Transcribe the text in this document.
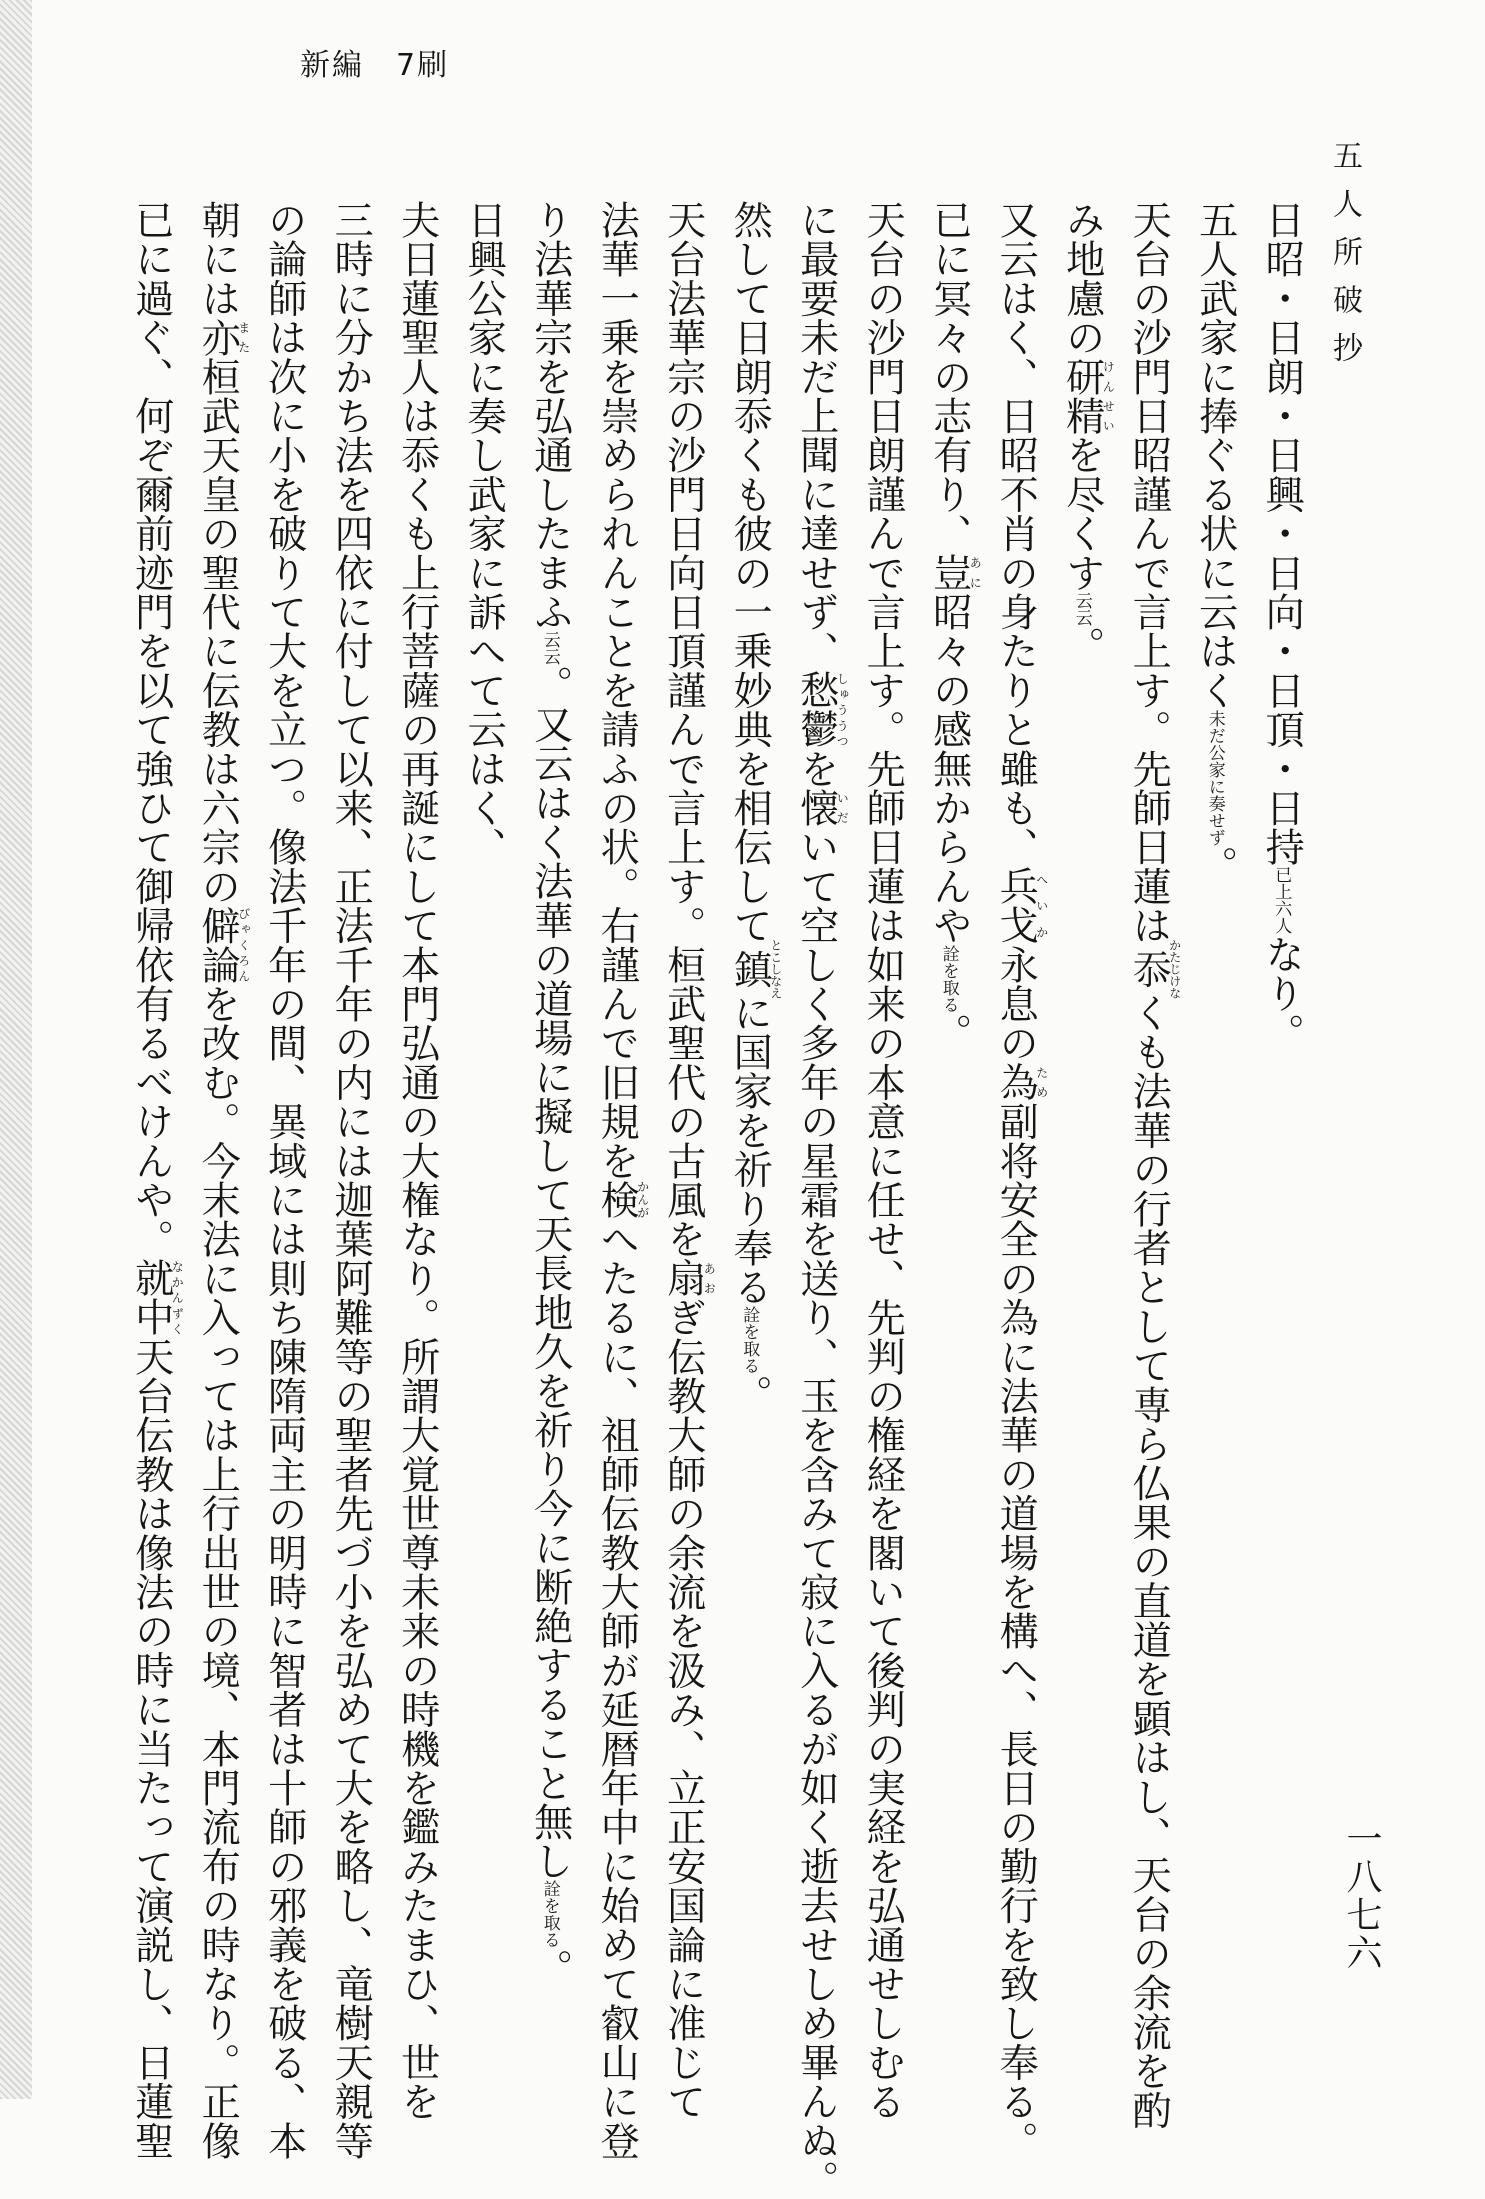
新編　7刷
五人所破抄
一八七六
日昭・日朗・日興・日向・日頂・日持已上六人なり。
五人武家に捧ぐる状に云はく未だ公家に奏せず。
天台の沙門日昭謹んで言上す。先師日蓮は忝かたじけなくも法華の行者として専ら仏果の直道を顕はし、天台の余流を酌
み地慮の研精けんせいを尽くす云云。
又云はく、日昭不肖の身たりと雖も、兵戈へいか永息の為ため副将安全の為に法華の道場を構へ、長日の勤行を致し奉る。
已に冥々の志有り、豈あに昭々の感無からんや詮を取る。
天台の沙門日朗謹んで言上す。先師日蓮は如来の本意に任せ、先判の権経を閣いて後判の実経を弘通せしむる
に最要未だ上聞に達せず、愁鬱しゅううつを懐いだいて空しく多年の星霜を送り、玉を含みて寂に入るが如く逝去せしめ畢んぬ。
然して日朗忝くも彼の一乗妙典を相伝して鎮とこしなえに国家を祈り奉る詮を取る。
天台法華宗の沙門日向日頂謹んで言上す。桓武聖代の古風を扇あおぎ伝教大師の余流を汲み、立正安国論に准じて
法華一乗を崇められんことを請ふの状。右謹んで旧規を検かんがへたるに、祖師伝教大師が延暦年中に始めて叡山に登
り法華宗を弘通したまふ云云。又云はく法華の道場に擬して天長地久を祈り今に断絶すること無し詮を取る。
日興公家に奏し武家に訴へて云はく、
夫日蓮聖人は忝くも上行菩薩の再誕にして本門弘通の大権なり。所謂大覚世尊未来の時機を鑑みたまひ、世を
三時に分かち法を四依に付して以来、正法千年の内には迦葉阿難等の聖者先づ小を弘めて大を略し、竜樹天親等
の論師は次に小を破りて大を立つ。像法千年の間、異域には則ち陳隋両主の明時に智者は十師の邪義を破る、本
朝には亦また桓武天皇の聖代に伝教は六宗の僻論びゃくろんを改む。今末法に入っては上行出世の境、本門流布の時なり。正像
已に過ぐ、何ぞ爾前迹門を以て強ひて御帰依有るべけんや。就中なかんずく天台伝教は像法の時に当たって演説し、日蓮聖
